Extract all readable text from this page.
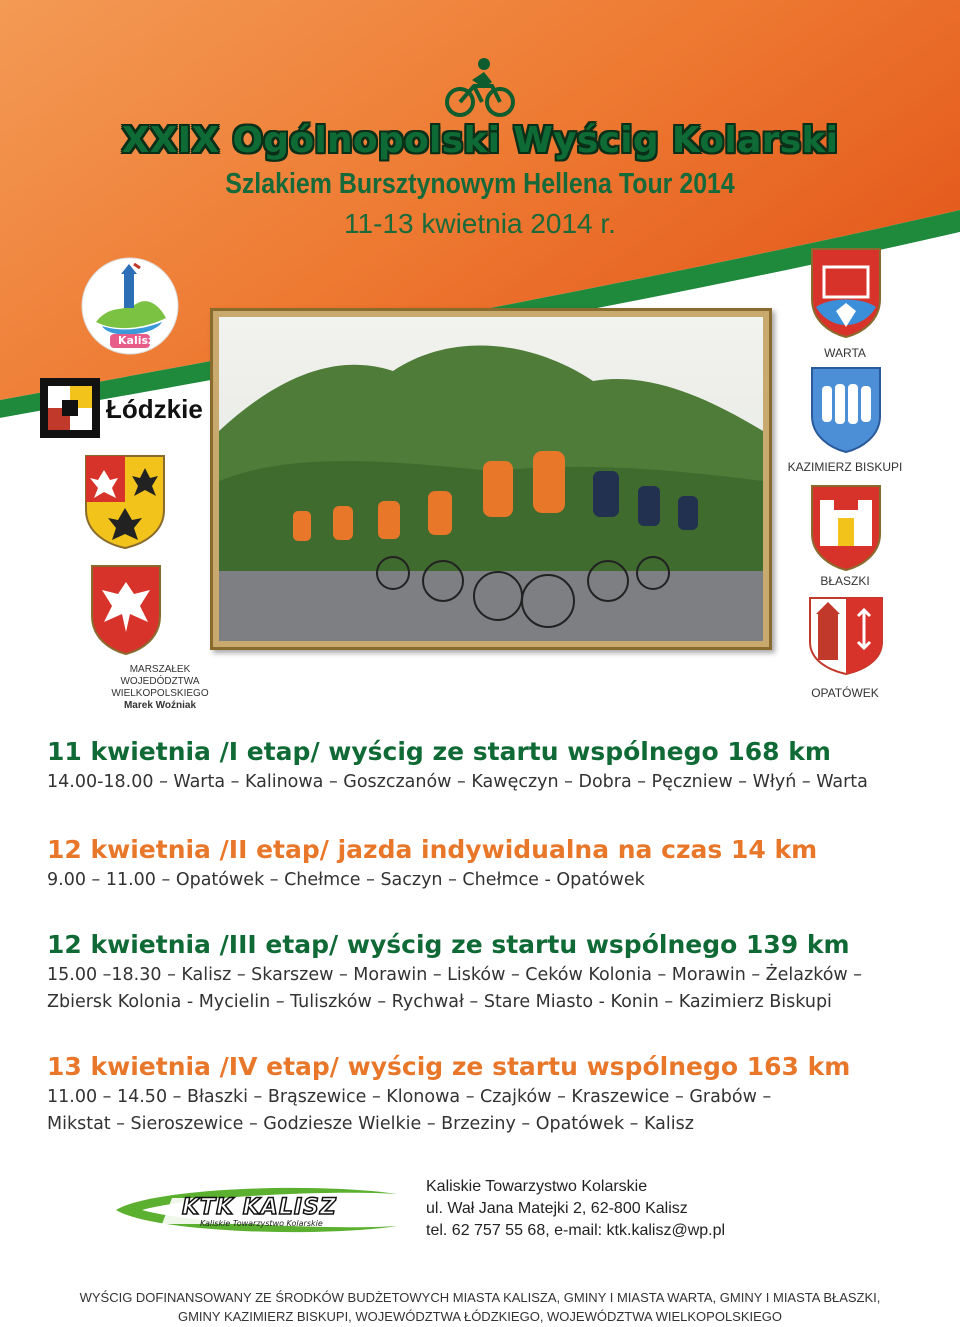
XXIX Ogólnopolski Wyścig Kolarski
Szlakiem Bursztynowym Hellena Tour 2014
11-13 kwietnia 2014 r.
Kalisz
Łódzkie
MARSZAŁEK
WOJEDÓDZTWA WIELKOPOLSKIEGO
Marek Woźniak
WARTA
KAZIMIERZ BISKUPI
BŁASZKI
OPATÓWEK
11 kwietnia /I etap/ wyścig ze startu wspólnego 168 km

14.00-18.00 – Warta – Kalinowa – Goszczanów – Kawęczyn – Dobra – Pęczniew – Włyń – Warta

12 kwietnia /II etap/ jazda indywidualna na czas 14 km

9.00 – 11.00 – Opatówek – Chełmce – Saczyn – Chełmce - Opatówek

12 kwietnia /III etap/ wyścig ze startu wspólnego 139 km

15.00 –18.30 – Kalisz – Skarszew – Morawin – Lisków – Ceków Kolonia – Morawin – Żelazków –

Zbiersk Kolonia - Mycielin – Tuliszków – Rychwał – Stare Miasto - Konin – Kazimierz Biskupi

13 kwietnia /IV etap/ wyścig ze startu wspólnego 163 km

11.00 – 14.50 – Błaszki – Brąszewice – Klonowa – Czajków – Kraszewice – Grabów –

Mikstat – Sieroszewice – Godziesze Wielkie – Brzeziny – Opatówek – Kalisz

KTK KALISZ
Kaliskie Towarzystwo Kolarskie
Kaliskie Towarzystwo Kolarskie
ul. Wał Jana Matejki 2, 62-800 Kalisz
tel. 62 757 55 68, e-mail: ktk.kalisz@wp.pl
WYŚCIG DOFINANSOWANY ZE ŚRODKÓW BUDŻETOWYCH MIASTA KALISZA, GMINY I MIASTA WARTA, GMINY I MIASTA BŁASZKI,
GMINY KAZIMIERZ BISKUPI, WOJEWÓDZTWA ŁÓDZKIEGO, WOJEWÓDZTWA WIELKOPOLSKIEGO
